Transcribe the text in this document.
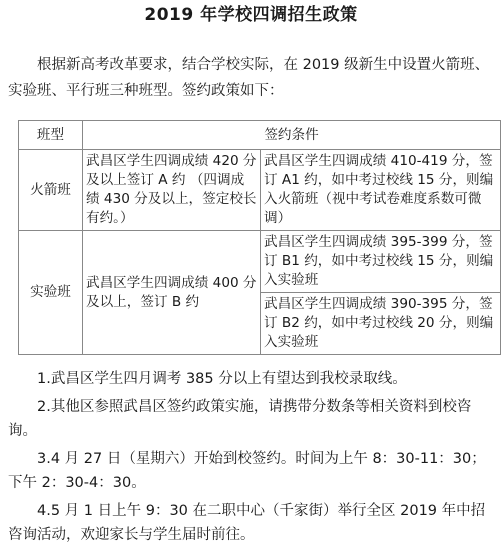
2019 年学校四调招生政策

根据新高考改革要求，结合学校实际，在 2019 级新生中设置火箭班、实验班、平行班三种班型。签约政策如下：

班型	签约条件	
火箭班	武昌区学生四调成绩 420 分及以上签订 A 约 （四调成绩 430 分及以上，签定校长有约。）	武昌区学生四调成绩 410-419 分，签订 A1 约，如中考过校线 15 分，则编入火箭班（视中考试卷难度系数可微调）
实验班	武昌区学生四调成绩 400 分及以上，签订 B 约	武昌区学生四调成绩 395-399 分，签订 B1 约，如中考过校线 15 分，则编入实验班
		武昌区学生四调成绩 390-395 分，签订 B2 约，如中考过校线 20 分，则编入实验班

1.武昌区学生四月调考 385 分以上有望达到我校录取线。

2.其他区参照武昌区签约政策实施，请携带分数条等相关资料到校咨询。

3.4 月 27 日（星期六）开始到校签约。时间为上午 8：30-11：30；下午 2：30-4：30。

4.5 月 1 日上午 9：30 在二职中心（千家街）举行全区 2019 年中招咨询活动，欢迎家长与学生届时前往。
